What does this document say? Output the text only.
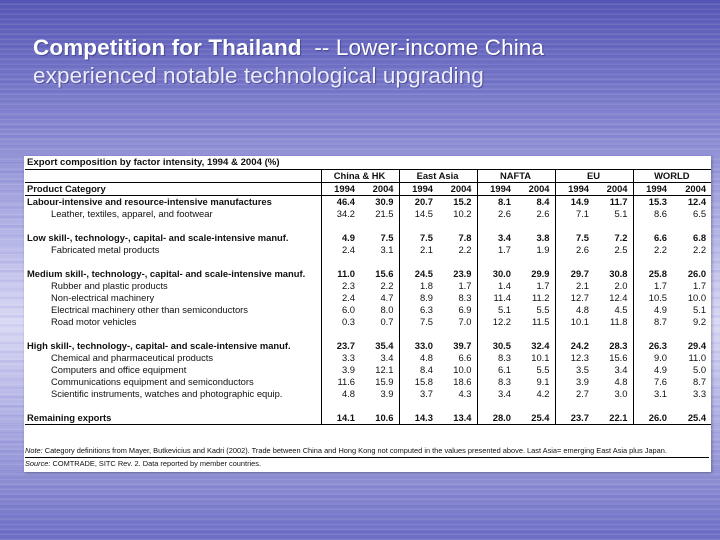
Competition for Thailand  -- Lower-income China
experienced notable technological upgrading
Export composition by factor intensity, 1994 & 2004 (%)										
	China & HK		East Asia		NAFTA		EU		WORLD	
Product Category	1994	2004	1994	2004	1994	2004	1994	2004	1994	2004
Labour-intensive and resource-intensive manufactures	46.4	30.9	20.7	15.2	8.1	8.4	14.9	11.7	15.3	12.4
Leather, textiles, apparel, and footwear	34.2	21.5	14.5	10.2	2.6	2.6	7.1	5.1	8.6	6.5

Low skill-, technology-, capital- and scale-intensive manuf.	4.9	7.5	7.5	7.8	3.4	3.8	7.5	7.2	6.6	6.8
Fabricated metal products	2.4	3.1	2.1	2.2	1.7	1.9	2.6	2.5	2.2	2.2

Medium skill-, technology-, capital- and scale-intensive manuf.	11.0	15.6	24.5	23.9	30.0	29.9	29.7	30.8	25.8	26.0
Rubber and plastic products	2.3	2.2	1.8	1.7	1.4	1.7	2.1	2.0	1.7	1.7
Non-electrical machinery	2.4	4.7	8.9	8.3	11.4	11.2	12.7	12.4	10.5	10.0
Electrical machinery other than semiconductors	6.0	8.0	6.3	6.9	5.1	5.5	4.8	4.5	4.9	5.1
Road motor vehicles	0.3	0.7	7.5	7.0	12.2	11.5	10.1	11.8	8.7	9.2

High skill-, technology-, capital- and scale-intensive manuf.	23.7	35.4	33.0	39.7	30.5	32.4	24.2	28.3	26.3	29.4
Chemical and pharmaceutical products	3.3	3.4	4.8	6.6	8.3	10.1	12.3	15.6	9.0	11.0
Computers and office equipment	3.9	12.1	8.4	10.0	6.1	5.5	3.5	3.4	4.9	5.0
Communications equipment and semiconductors	11.6	15.9	15.8	18.6	8.3	9.1	3.9	4.8	7.6	8.7
Scientific instruments, watches and photographic equip.	4.8	3.9	3.7	4.3	3.4	4.2	2.7	3.0	3.1	3.3

Remaining exports	14.1	10.6	14.3	13.4	28.0	25.4	23.7	22.1	26.0	25.4
Note: Category definitions from Mayer, Butkevicius and Kadri (2002). Trade between China and Hong Kong not computed in the values presented above. Last Asia= emerging East Asia plus Japan.
Source: COMTRADE, SITC Rev. 2. Data reported by member countries.
